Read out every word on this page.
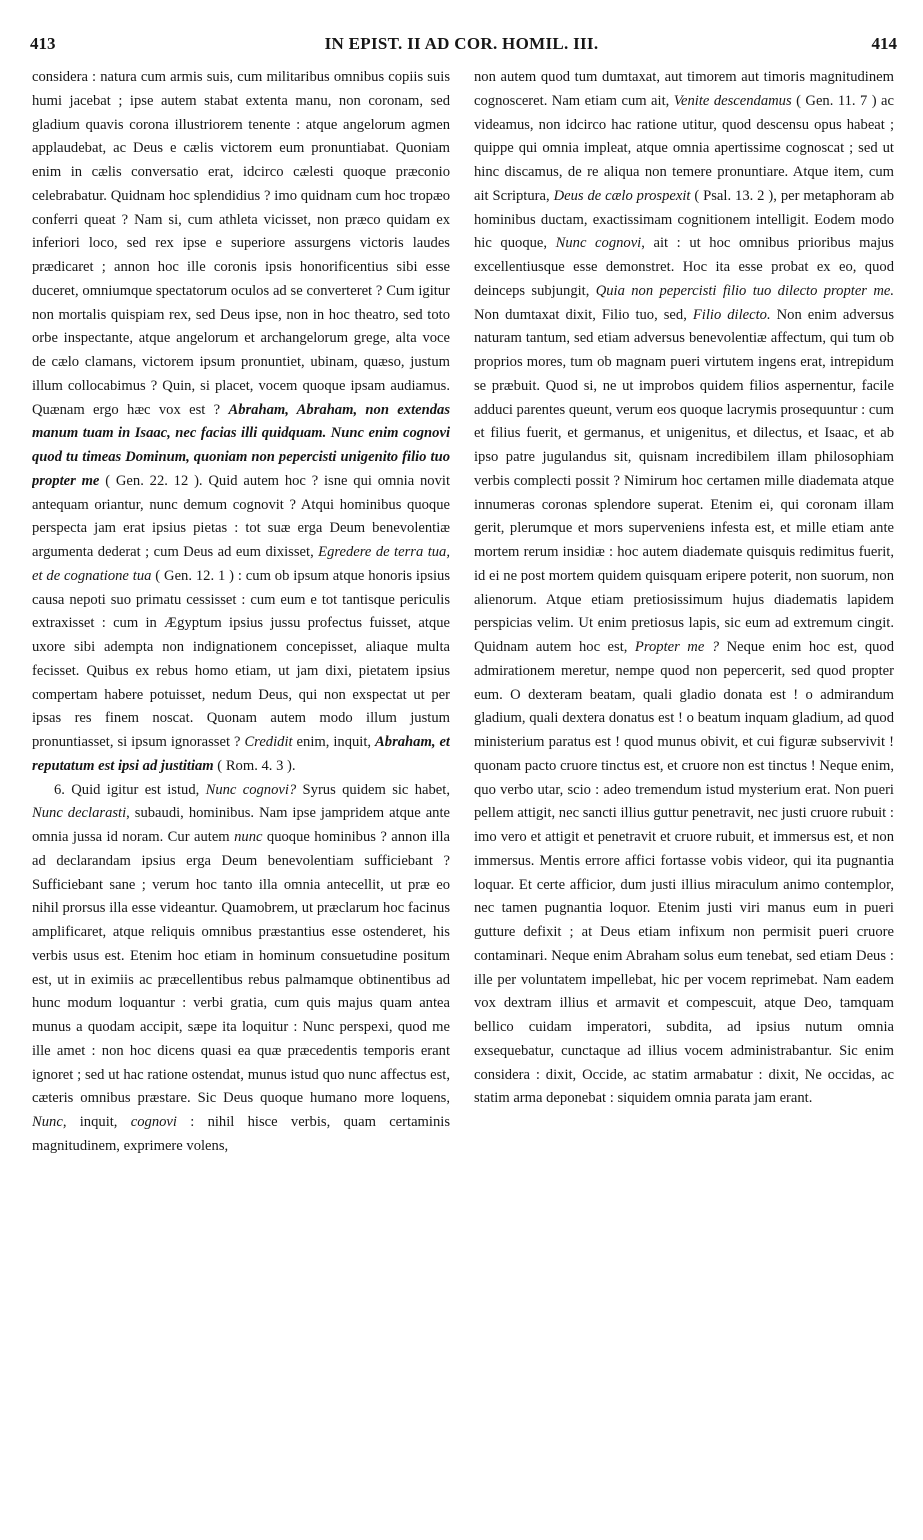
413	IN EPIST. II AD COR. HOMIL. III.	414

considera : natura cum armis suis, cum militaribus omnibus copiis suis humi jacebat ; ipse autem stabat extenta manu, non coronam, sed gladium quavis corona illustriorem tenente : atque angelorum agmen applaudebat, ac Deus e cælis victorem eum pronuntiabat. Quoniam enim in cælis conversatio erat, idcirco cælesti quoque præconio celebrabatur. Quidnam hoc splendidius ? imo quidnam cum hoc tropæo conferri queat ? Nam si, cum athleta vicisset, non præco quidam ex inferiori loco, sed rex ipse e superiore assurgens victoris laudes prædicaret ; annon hoc ille coronis ipsis honorificentius sibi esse duceret, omniumque spectatorum oculos ad se converteret ? Cum igitur non mortalis quispiam rex, sed Deus ipse, non in hoc theatro, sed toto orbe inspectante, atque angelorum et archangelorum grege, alta voce de cælo clamans, victorem ipsum pronuntiet, ubinam, quæso, justum illum collocabimus ? Quin, si placet, vocem quoque ipsam audiamus. Quænam ergo hæc vox est ? Abraham, Abraham, non extendas manum tuam in Isaac, nec facias illi quidquam. Nunc enim cognovi quod tu timeas Dominum, quoniam non pepercisti unigenito filio tuo propter me ( Gen. 22. 12 ). Quid autem hoc ? isne qui omnia novit antequam oriantur, nunc demum cognovit ? Atqui hominibus quoque perspecta jam erat ipsius pietas : tot suæ erga Deum benevolentiæ argumenta dederat ; cum Deus ad eum dixisset, Egredere de terra tua, et de cognatione tua ( Gen. 12. 1 ) : cum ob ipsum atque honoris ipsius causa nepoti suo primatu cessisset : cum eum e tot tantisque periculis extraxisset : cum in Ægyptum ipsius jussu profectus fuisset, atque uxore sibi adempta non indignationem concepisset, aliaque multa fecisset. Quibus ex rebus homo etiam, ut jam dixi, pietatem ipsius compertam habere potuisset, nedum Deus, qui non exspectat ut per ipsas res finem noscat. Quonam autem modo illum justum pronuntiasset, si ipsum ignorasset ? Credidit enim, inquit, Abraham, et reputatum est ipsi ad justitiam ( Rom. 4. 3 ).

6. Quid igitur est istud, Nunc cognovi? Syrus quidem sic habet, Nunc declarasti, subaudi, hominibus. Nam ipse jampridem atque ante omnia jussa id noram. Cur autem nunc quoque hominibus ? annon illa ad declarandam ipsius erga Deum benevolentiam sufficiebant ? Sufficiebant sane ; verum hoc tanto illa omnia antecellit, ut præ eo nihil prorsus illa esse videantur. Quamobrem, ut præclarum hoc facinus amplificaret, atque reliquis omnibus præstantius esse ostenderet, his verbis usus est. Etenim hoc etiam in hominum consuetudine positum est, ut in eximiis ac præcellentibus rebus palmamque obtinentibus ad hunc modum loquantur : verbi gratia, cum quis majus quam antea munus a quodam accipit, sæpe ita loquitur : Nunc perspexi, quod me ille amet : non hoc dicens quasi ea quæ præcedentis temporis erant ignoret ; sed ut hac ratione ostendat, munus istud quo nunc affectus est, cæteris omnibus præstare. Sic Deus quoque humano more loquens, Nunc, inquit, cognovi : nihil hisce verbis, quam certaminis magnitudinem, exprimere volens,

non autem quod tum dumtaxat, aut timorem aut timoris magnitudinem cognosceret. Nam etiam cum ait, Venite descendamus ( Gen. 11. 7 ) ac videamus, non idcirco hac ratione utitur, quod descensu opus habeat ; quippe qui omnia impleat, atque omnia apertissime cognoscat ; sed ut hinc discamus, de re aliqua non temere pronuntiare. Atque item, cum ait Scriptura, Deus de cælo prospexit ( Psal. 13. 2 ), per metaphoram ab hominibus ductam, exactissimam cognitionem intelligit. Eodem modo hic quoque, Nunc cognovi, ait : ut hoc omnibus prioribus majus excellentiusque esse demonstret. Hoc ita esse probat ex eo, quod deinceps subjungit, Quia non pepercisti filio tuo dilecto propter me. Non dumtaxat dixit, Filio tuo, sed, Filio dilecto. Non enim adversus naturam tantum, sed etiam adversus benevolentiæ affectum, qui tum ob proprios mores, tum ob magnam pueri virtutem ingens erat, intrepidum se præbuit. Quod si, ne ut improbos quidem filios aspernentur, facile adduci parentes queunt, verum eos quoque lacrymis prosequuntur : cum et filius fuerit, et germanus, et unigenitus, et dilectus, et Isaac, et ab ipso patre jugulandus sit, quisnam incredibilem illam philosophiam verbis complecti possit ? Nimirum hoc certamen mille diademata atque innumeras coronas splendore superat. Etenim ei, qui coronam illam gerit, plerumque et mors superveniens infesta est, et mille etiam ante mortem rerum insidiæ : hoc autem diademate quisquis redimitus fuerit, id ei ne post mortem quidem quisquam eripere poterit, non suorum, non alienorum. Atque etiam pretiosissimum hujus diadematis lapidem perspicias velim. Ut enim pretiosus lapis, sic eum ad extremum cingit. Quidnam autem hoc est, Propter me ? Neque enim hoc est, quod admirationem meretur, nempe quod non pepercerit, sed quod propter eum. O dexteram beatam, quali gladio donata est ! o admirandum gladium, quali dextera donatus est ! o beatum inquam gladium, ad quod ministerium paratus est ! quod munus obivit, et cui figuræ subservivit ! quonam pacto cruore tinctus est, et cruore non est tinctus ! Neque enim, quo verbo utar, scio : adeo tremendum istud mysterium erat. Non pueri pellem attigit, nec sancti illius guttur penetravit, nec justi cruore rubuit : imo vero et attigit et penetravit et cruore rubuit, et immersus est, et non immersus. Mentis errore affici fortasse vobis videor, qui ita pugnantia loquar. Et certe afficior, dum justi illius miraculum animo contemplor, nec tamen pugnantia loquor. Etenim justi viri manus eum in pueri gutture defixit ; at Deus etiam infixum non permisit pueri cruore contaminari. Neque enim Abraham solus eum tenebat, sed etiam Deus : ille per voluntatem impellebat, hic per vocem reprimebat. Nam eadem vox dextram illius et armavit et compescuit, atque Deo, tamquam bellico cuidam imperatori, subdita, ad ipsius nutum omnia exsequebatur, cunctaque ad illius vocem administrabantur. Sic enim considera : dixit, Occide, ac statim armabatur : dixit, Ne occidas, ac statim arma deponebat : siquidem omnia parata jam erant.
